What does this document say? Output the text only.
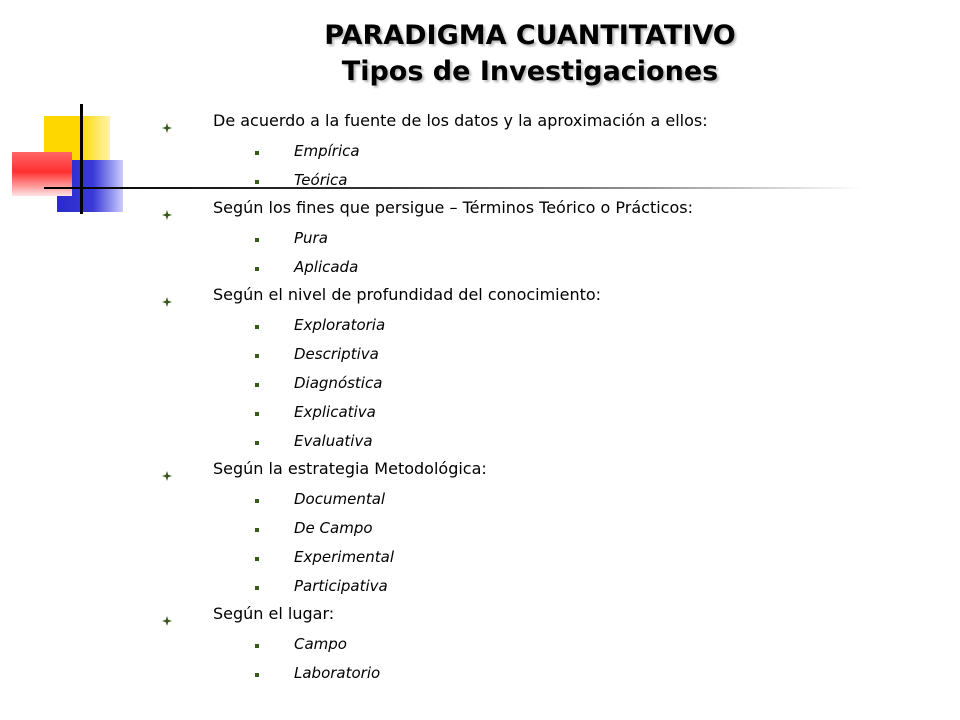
PARADIGMA CUANTITATIVO

Tipos de Investigaciones

De acuerdo a la fuente de los datos y la aproximación a ellos:
Empírica
Teórica
Según los fines que persigue – Términos Teórico o Prácticos:
Pura
Aplicada
Según el nivel de profundidad del conocimiento:
Exploratoria
Descriptiva
Diagnóstica
Explicativa
Evaluativa
Según la estrategia Metodológica:
Documental
De Campo
Experimental
Participativa
Según el lugar:
Campo
Laboratorio
